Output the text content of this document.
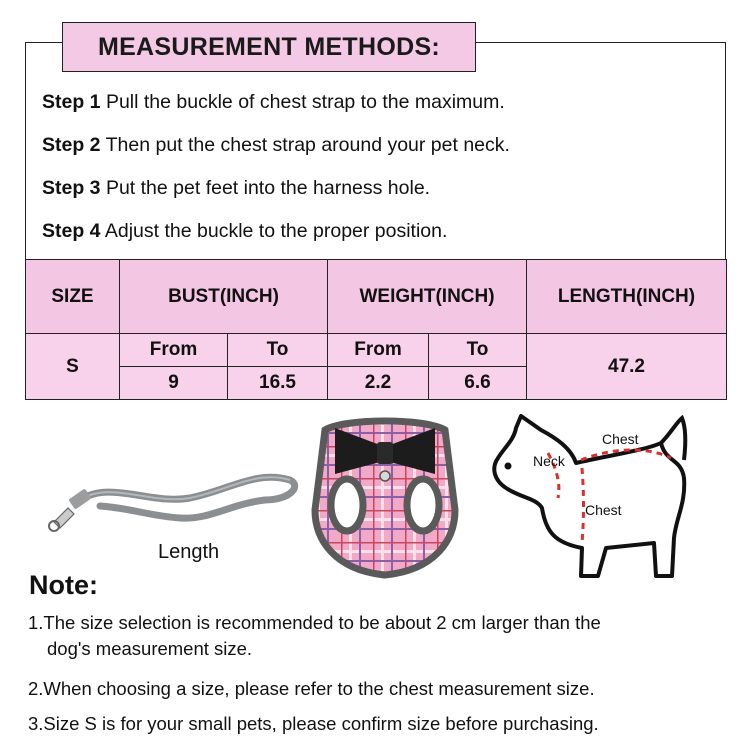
MEASUREMENT METHODS:
Step 1 Pull the buckle of chest strap to the maximum.
Step 2 Then put the chest strap around your pet neck.
Step 3 Put the pet feet into the harness hole.
Step 4 Adjust the buckle to the proper position.
SIZE	BUST(INCH)		WEIGHT(INCH)		LENGTH(INCH)
S	From	To	From	To	47.2
	9	16.5	2.2	6.6	
Length
Neck
Chest
Chest
Note:
1.The size selection is recommended to be about 2 cm larger than the
dog's measurement size.
2.When choosing a size, please refer to the chest measurement size.
3.Size S is for your small pets, please confirm size before purchasing.
